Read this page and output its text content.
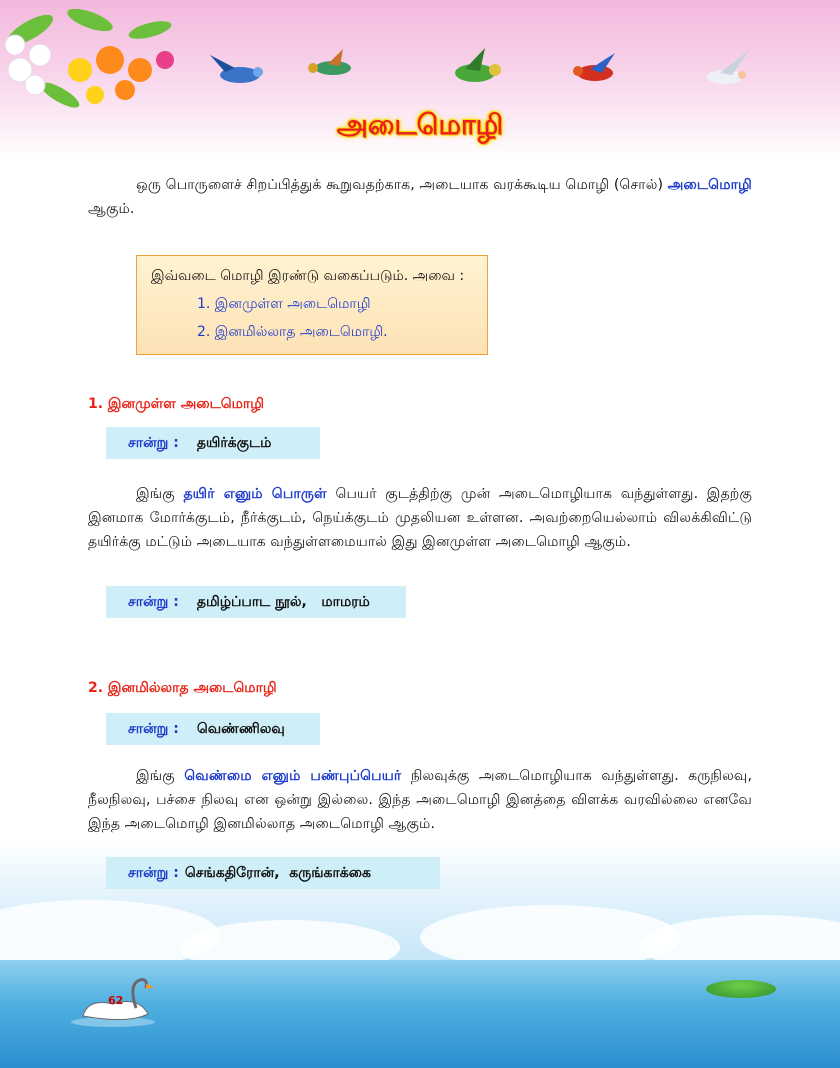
அடைமொழி
ஒரு பொருளைச் சிறப்பித்துக் கூறுவதற்காக, அடையாக வரக்கூடிய மொழி (சொல்) அடைமொழி ஆகும்.
இவ்வடை மொழி இரண்டு வகைப்படும். அவை :
1. இனமுள்ள அடைமொழி
2. இனமில்லாத அடைமொழி.
1. இனமுள்ள அடைமொழி
சான்று : தயிர்க்குடம்
இங்கு தயிர் எனும் பொருள் பெயர் குடத்திற்கு முன் அடைமொழியாக வந்துள்ளது. இதற்கு இனமாக மோர்க்குடம், நீர்க்குடம், நெய்க்குடம் முதலியன உள்ளன. அவற்றையெல்லாம் விலக்கிவிட்டு தயிர்க்கு மட்டும் அடையாக வந்துள்ளமையால் இது இனமுள்ள அடைமொழி ஆகும்.
சான்று : தமிழ்ப்பாட நூல்,   மாமரம்
2. இனமில்லாத அடைமொழி
சான்று : வெண்ணிலவு
இங்கு வெண்மை எனும் பண்புப்பெயர் நிலவுக்கு அடைமொழியாக வந்துள்ளது. கருநிலவு, நீலநிலவு, பச்சை நிலவு என ஒன்று இல்லை. இந்த அடைமொழி இனத்தை விளக்க வரவில்லை எனவே இந்த அடைமொழி இனமில்லாத அடைமொழி ஆகும்.
சான்று : செங்கதிரோன்,  கருங்காக்கை
62
